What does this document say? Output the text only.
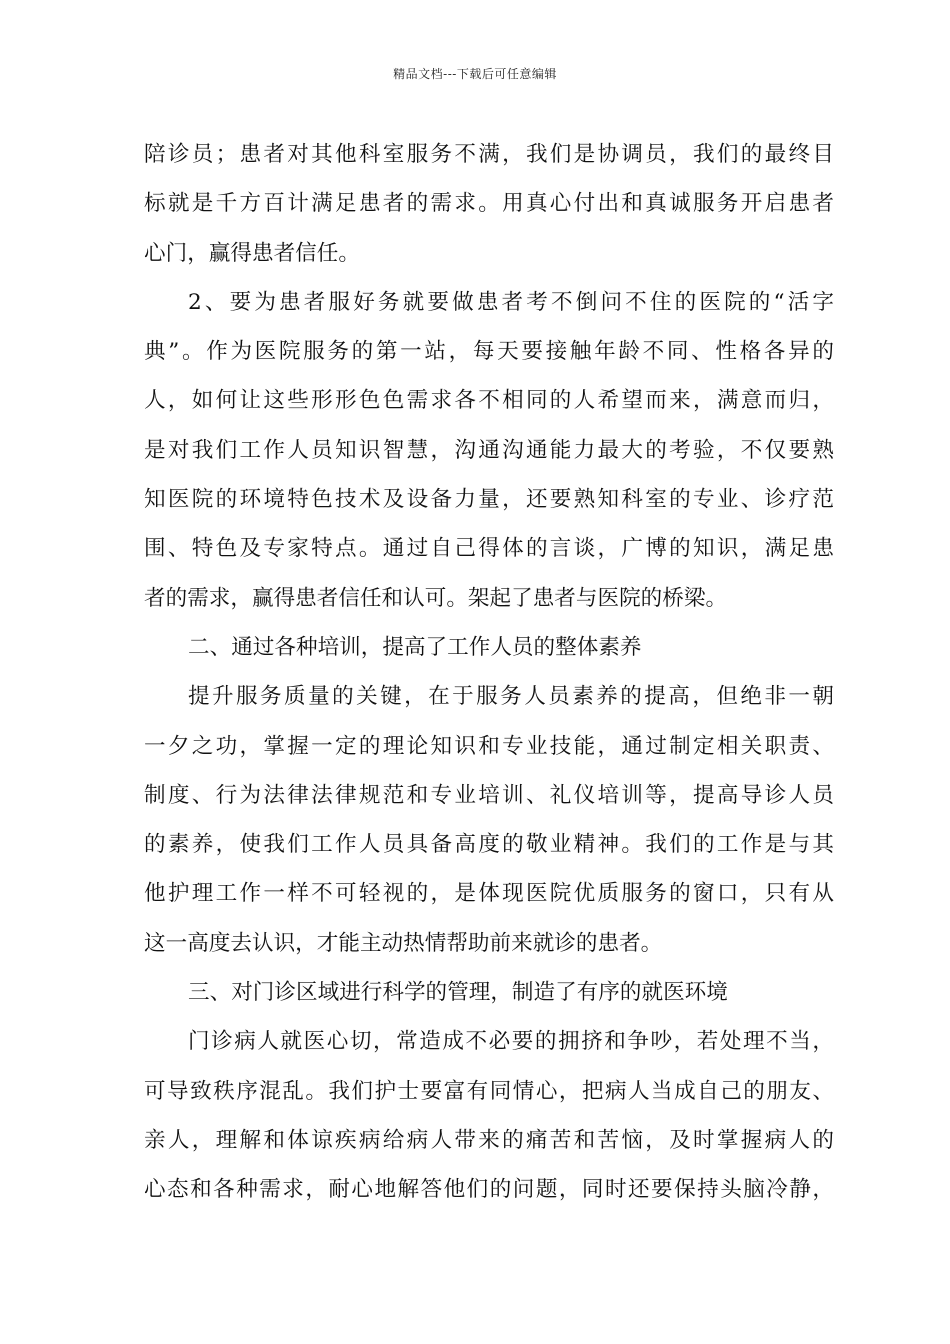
精品文档---下载后可任意编辑
陪诊员；患者对其他科室服务不满，我们是协调员，我们的最终目
标就是千方百计满足患者的需求。用真心付出和真诚服务开启患者
心门，赢得患者信任。
2、要为患者服好务就要做患者考不倒问不住的医院的“活字
典”。作为医院服务的第一站，每天要接触年龄不同、性格各异的
人，如何让这些形形色色需求各不相同的人希望而来，满意而归，
是对我们工作人员知识智慧，沟通沟通能力最大的考验，不仅要熟
知医院的环境特色技术及设备力量，还要熟知科室的专业、诊疗范
围、特色及专家特点。通过自己得体的言谈，广博的知识，满足患
者的需求，赢得患者信任和认可。架起了患者与医院的桥梁。
二、通过各种培训，提高了工作人员的整体素养
提升服务质量的关键，在于服务人员素养的提高，但绝非一朝
一夕之功，掌握一定的理论知识和专业技能，通过制定相关职责、
制度、行为法律法律规范和专业培训、礼仪培训等，提高导诊人员
的素养，使我们工作人员具备高度的敬业精神。我们的工作是与其
他护理工作一样不可轻视的，是体现医院优质服务的窗口，只有从
这一高度去认识，才能主动热情帮助前来就诊的患者。
三、对门诊区域进行科学的管理，制造了有序的就医环境
门诊病人就医心切，常造成不必要的拥挤和争吵，若处理不当，
可导致秩序混乱。我们护士要富有同情心，把病人当成自己的朋友、
亲人，理解和体谅疾病给病人带来的痛苦和苦恼，及时掌握病人的
心态和各种需求，耐心地解答他们的问题，同时还要保持头脑冷静，
